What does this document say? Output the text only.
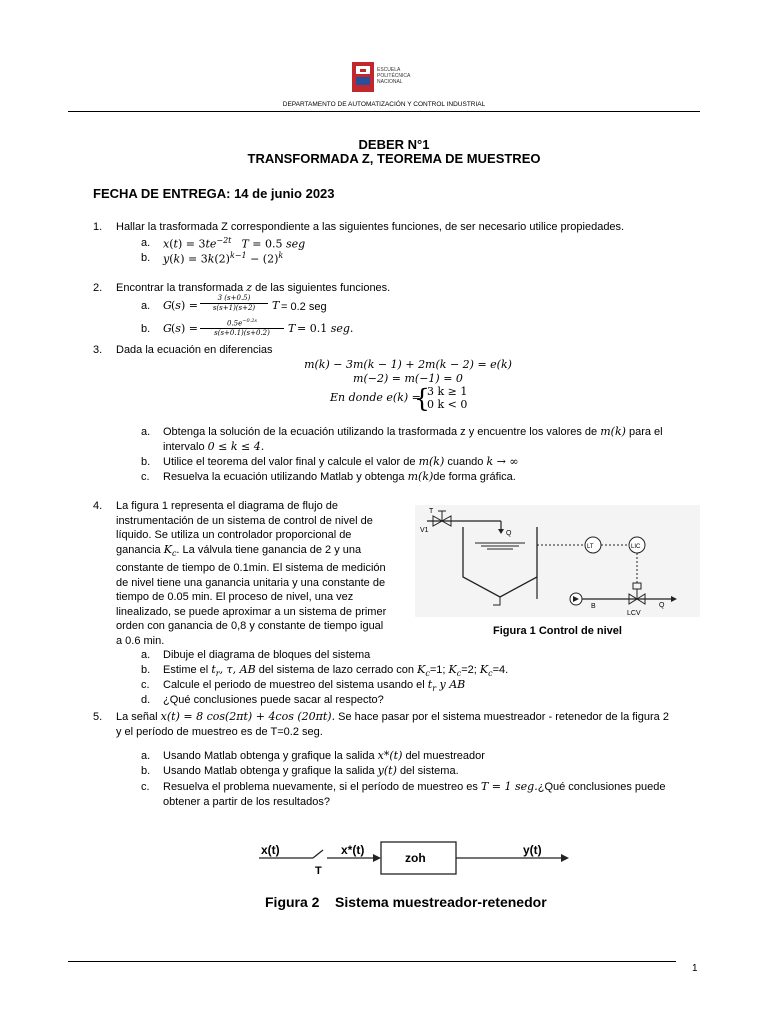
ESCUELA
POLITÉCNICA
NACIONAL
DEPARTAMENTO DE AUTOMATIZACIÓN Y CONTROL INDUSTRIAL
DEBER N°1
TRANSFORMADA Z, TEOREMA DE MUESTREO
FECHA DE ENTREGA: 14 de junio 2023
1. Hallar la trasformada Z correspondiente a las siguientes funciones, de ser necesario utilice propiedades.
a. $x(t) = 3te^{-2t}$   T = 0.5 seg
b. $y(k) = 3k(2)^{k-1} - (2)^k$
2. Encontrar la transformada z de las siguientes funciones.
a. G (s) =
3 (s+0.5)
s(s+1)(s+2)	T = 0.2 seg
b. G (s) =	$0.5e^{-0.2s}$
s(s+0.1)(s+0.2)	T = 0.1 seg.
3. Dada la ecuación en diferencias
m(k) − 3m(k − 1) + 2m(k − 2) = e(k)
m(−2) = m(−1) = 0
En donde e(k) =
{
3 k ≥ 1
0 k < 0
a. Obtenga la solución de la ecuación utilizando la trasformada z y encuentre los valores de m(k) para el
intervalo 0 ≤ k ≤ 4.
b. Utilice el teorema del valor final y calcule el valor de m(k) cuando k → ∞
c. Resuelva la ecuación utilizando Matlab y obtenga m(k)de forma gráfica.
4. La figura 1 representa el diagrama de flujo de
instrumentación de un sistema de control de nivel de
líquido. Se utiliza un controlador proporcional de
ganancia $K_c$. La válvula tiene ganancia de 2 y una
constante de tiempo de 0.1min. El sistema de medición
de nivel tiene una ganancia unitaria y una constante de
tiempo de 0.05 min. El proceso de nivel, una vez
linealizado, se puede aproximar a un sistema de primer
orden con ganancia de 0,8 y constante de tiempo igual
a 0.6 min.
T
V1	Q
LT	LIC
B
LCV
Q
Figura 1 Control de nivel
a. Dibuje el diagrama de bloques del sistema
b. Estime el $t_r$, τ, AB del sistema de lazo cerrado con $K_c=1$; $K_c=2$; $K_c=4$.
c. Calcule el periodo de muestreo del sistema usando el $t_r$ y AB
d. ¿Qué conclusiones puede sacar al respecto?
5. La señal x(t) = 8 cos(2πt) + 4cos (20πt). Se hace pasar por el sistema muestreador - retenedor de la figura 2
y el período de muestreo es de T=0.2 seg.
a. Usando Matlab obtenga y grafique la salida x*(t) del muestreador
b. Usando Matlab obtenga y grafique la salida y(t) del sistema.
c. Resuelva el problema nuevamente, si el período de muestreo es T = 1 seg.¿Qué conclusiones puede
obtener a partir de los resultados?
x(t)
T
x*(t)
zoh
y(t)
Figura 2    Sistema muestreador-retenedor
1
